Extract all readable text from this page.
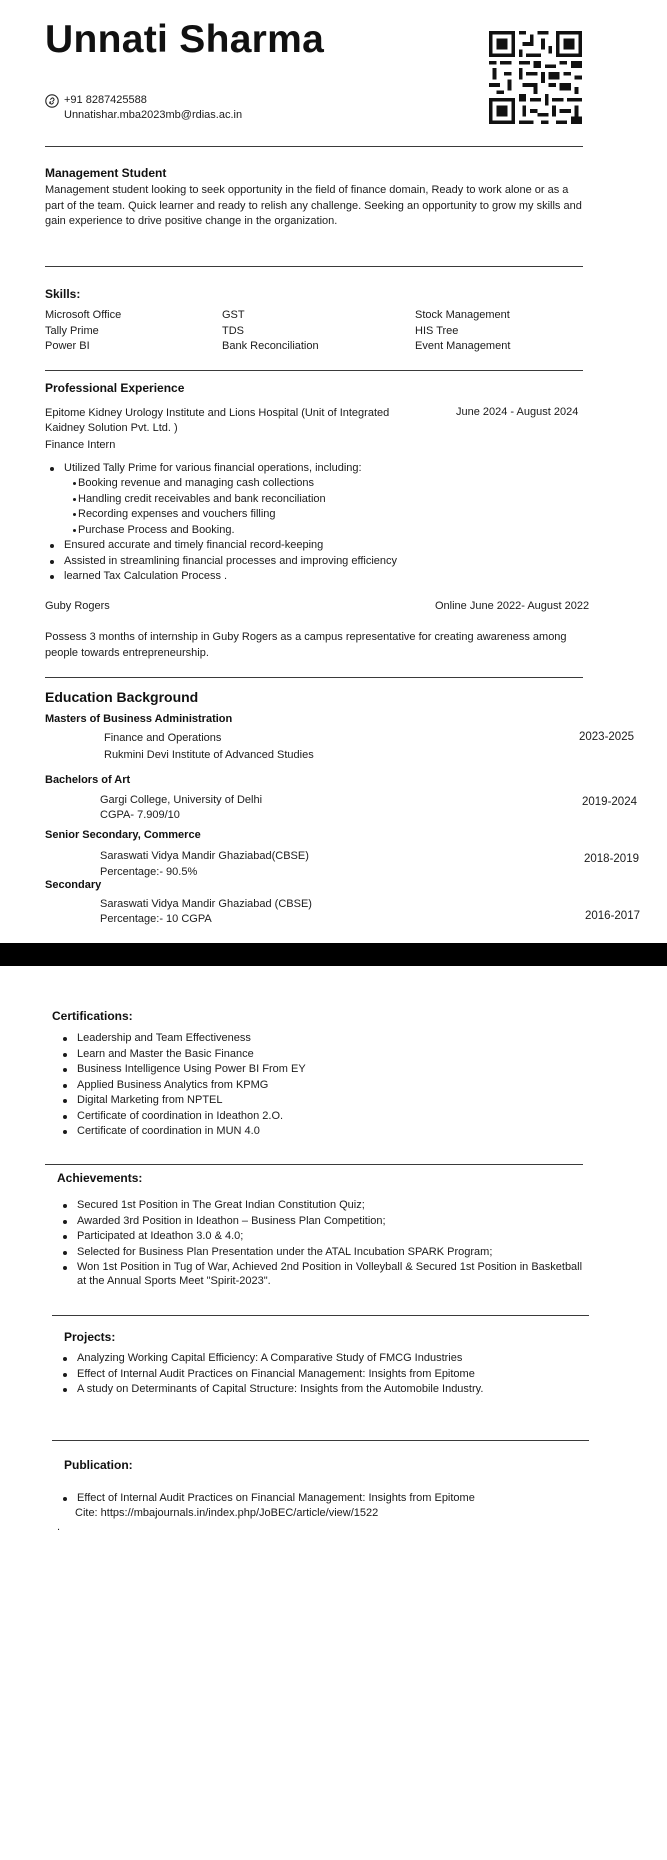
Unnati Sharma
+91 8287425588
Unnatishar.mba2023mb@rdias.ac.in
Management Student
Management student looking to seek opportunity in the field of finance domain, Ready to work alone or as a part of the team. Quick learner and ready to relish any challenge. Seeking an opportunity to grow my skills and gain experience to drive positive change in the organization.
Skills:
Microsoft Office	GST	Stock Management
Tally Prime	TDS	HIS Tree
Power BI	Bank Reconciliation	Event Management
Professional Experience
Epitome Kidney Urology Institute and Lions Hospital (Unit of Integrated
Kaidney Solution Pvt. Ltd. )
June 2024 - August 2024
Finance Intern
Utilized Tally Prime for various financial operations, including:
Booking revenue and managing cash collections
Handling credit receivables and bank reconciliation
Recording expenses and vouchers filling
Purchase Process and Booking.
Ensured accurate and timely financial record-keeping
Assisted in streamlining financial processes and improving efficiency
learned Tax Calculation Process .
Guby Rogers	Online June 2022- August 2022
Possess 3 months of internship in Guby Rogers as a campus representative for creating awareness among people towards entrepreneurship.
Education Background
Masters of Business Administration
Finance and Operations
Rukmini Devi Institute of Advanced Studies
2023-2025
Bachelors of Art
Gargi College, University of Delhi
CGPA- 7.909/10
2019-2024
Senior Secondary, Commerce
Saraswati Vidya Mandir Ghaziabad(CBSE)
Percentage:- 90.5%
2018-2019
Secondary
Saraswati Vidya Mandir Ghaziabad (CBSE)
Percentage:- 10 CGPA	2016-2017
Certifications:
Leadership and Team Effectiveness
Learn and Master the Basic Finance
Business Intelligence Using Power BI From EY
Applied Business Analytics from KPMG
Digital Marketing from NPTEL
Certificate of coordination in Ideathon 2.O.
Certificate of coordination in MUN 4.0
Achievements:
Secured 1st Position in The Great Indian Constitution Quiz;
Awarded 3rd Position in Ideathon – Business Plan Competition;
Participated at Ideathon 3.0 & 4.0;
Selected for Business Plan Presentation under the ATAL Incubation SPARK Program;
Won 1st Position in Tug of War, Achieved 2nd Position in Volleyball & Secured 1st Position in Basketball
at the Annual Sports Meet "Spirit-2023".
Projects:
Analyzing Working Capital Efficiency: A Comparative Study of FMCG Industries
Effect of Internal Audit Practices on Financial Management: Insights from Epitome
A study on Determinants of Capital Structure: Insights from the Automobile Industry.
Publication:
Effect of Internal Audit Practices on Financial Management: Insights from Epitome
Cite: https://mbajournals.in/index.php/JoBEC/article/view/1522
.
